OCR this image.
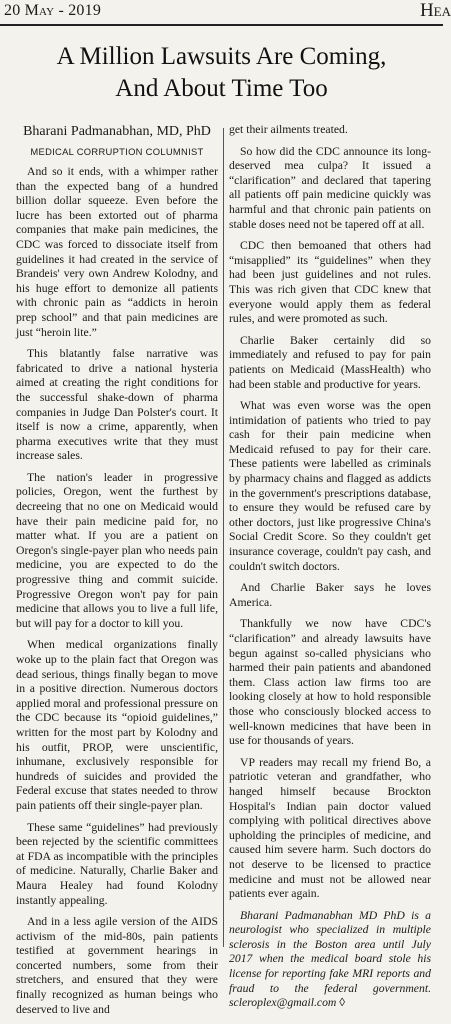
20 May - 2019	Hea
A Million Lawsuits Are Coming,
And About Time Too

Bharani Padmanabhan, MD, PhD

MEDICAL CORRUPTION COLUMNIST

And so it ends, with a whimper rather than the expected bang of a hundred billion dollar squeeze. Even before the lucre has been extorted out of pharma companies that make pain medicines, the CDC was forced to dissociate itself from guidelines it had created in the service of Brandeis' very own Andrew Kolodny, and his huge effort to demonize all patients with chronic pain as “addicts in heroin prep school” and that pain medicines are just “heroin lite.”

This blatantly false narrative was fabricated to drive a national hysteria aimed at creating the right conditions for the successful shake-down of pharma companies in Judge Dan Polster's court. It itself is now a crime, apparently, when pharma executives write that they must increase sales.

The nation's leader in progressive policies, Oregon, went the furthest by decreeing that no one on Medicaid would have their pain medicine paid for, no matter what. If you are a patient on Oregon's single-payer plan who needs pain medicine, you are expected to do the progressive thing and commit suicide. Progressive Oregon won't pay for pain medicine that allows you to live a full life, but will pay for a doctor to kill you.

When medical organizations finally woke up to the plain fact that Oregon was dead serious, things finally began to move in a positive direction. Numerous doctors applied moral and professional pressure on the CDC because its “opioid guidelines,” written for the most part by Kolodny and his outfit, PROP, were unscientific, inhumane, exclusively responsible for hundreds of suicides and provided the Federal excuse that states needed to throw pain patients off their single-payer plan.

These same “guidelines” had previously been rejected by the scientific committees at FDA as incompatible with the principles of medicine. Naturally, Charlie Baker and Maura Healey had found Kolodny instantly appealing.

And in a less agile version of the AIDS activism of the mid-80s, pain patients testified at government hearings in concerted numbers, some from their stretchers, and ensured that they were finally recognized as human beings who deserved to live and

get their ailments treated.

So how did the CDC announce its long-deserved mea culpa? It issued a “clarification” and declared that tapering all patients off pain medicine quickly was harmful and that chronic pain patients on stable doses need not be tapered off at all.

CDC then bemoaned that others had “misapplied” its “guidelines” when they had been just guidelines and not rules. This was rich given that CDC knew that everyone would apply them as federal rules, and were promoted as such.

Charlie Baker certainly did so immediately and refused to pay for pain patients on Medicaid (MassHealth) who had been stable and productive for years.

What was even worse was the open intimidation of patients who tried to pay cash for their pain medicine when Medicaid refused to pay for their care. These patients were labelled as criminals by pharmacy chains and flagged as addicts in the government's prescriptions database, to ensure they would be refused care by other doctors, just like progressive China's Social Credit Score. So they couldn't get insurance coverage, couldn't pay cash, and couldn't switch doctors.

And Charlie Baker says he loves America.

Thankfully we now have CDC's “clarification” and already lawsuits have begun against so-called physicians who harmed their pain patients and abandoned them. Class action law firms too are looking closely at how to hold responsible those who consciously blocked access to well-known medicines that have been in use for thousands of years.

VP readers may recall my friend Bo, a patriotic veteran and grandfather, who hanged himself because Brockton Hospital's Indian pain doctor valued complying with political directives above upholding the principles of medicine, and caused him severe harm. Such doctors do not deserve to be licensed to practice medicine and must not be allowed near patients ever again.

Bharani Padmanabhan MD PhD is a neurologist who specialized in multiple sclerosis in the Boston area until July 2017 when the medical board stole his license for reporting fake MRI reports and fraud to the federal government. scleroplex@gmail.com ◊
